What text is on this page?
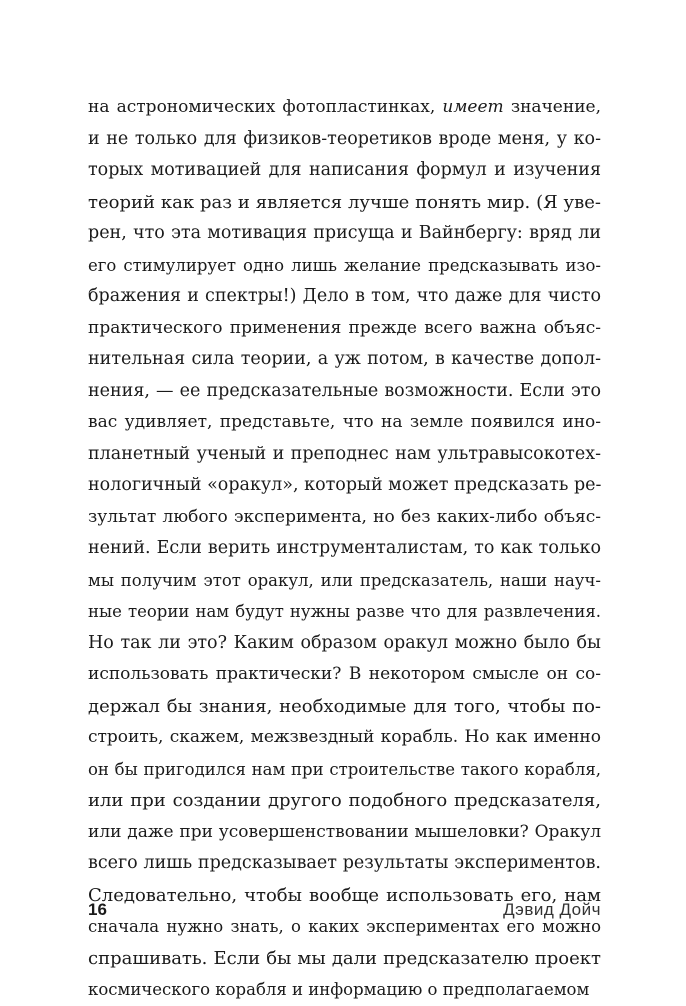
на астрономических фотопластинках, имеет значение,
и не только для физиков-теоретиков вроде меня, у ко-
торых мотивацией для написания формул и изучения
теорий как раз и является лучше понять мир. (Я уве-
рен, что эта мотивация присуща и Вайнбергу: вряд ли
его стимулирует одно лишь желание предсказывать изо-
бражения и спектры!) Дело в том, что даже для чисто
практического применения прежде всего важна объяс-
нительная сила теории, а уж потом, в качестве допол-
нения, — ее предсказательные возможности. Если это
вас удивляет, представьте, что на земле появился ино-
планетный ученый и преподнес нам ультравысокотех-
нологичный «оракул», который может предсказать ре-
зультат любого эксперимента, но без каких-либо объяс-
нений. Если верить инструменталистам, то как только
мы получим этот оракул, или предсказатель, наши науч-
ные теории нам будут нужны разве что для развлечения.
Но так ли это? Каким образом оракул можно было бы
использовать практически? В некотором смысле он со-
держал бы знания, необходимые для того, чтобы по-
строить, скажем, межзвездный корабль. Но как именно
он бы пригодился нам при строительстве такого корабля,
или при создании другого подобного предсказателя,
или даже при усовершенствовании мышеловки? Оракул
всего лишь предсказывает результаты экспериментов.
Следовательно, чтобы вообще использовать его, нам
сначала нужно знать, о каких экспериментах его можно
спрашивать. Если бы мы дали предсказателю проект
космического корабля и информацию о предполагаемом
16	Дэвид Дойч
